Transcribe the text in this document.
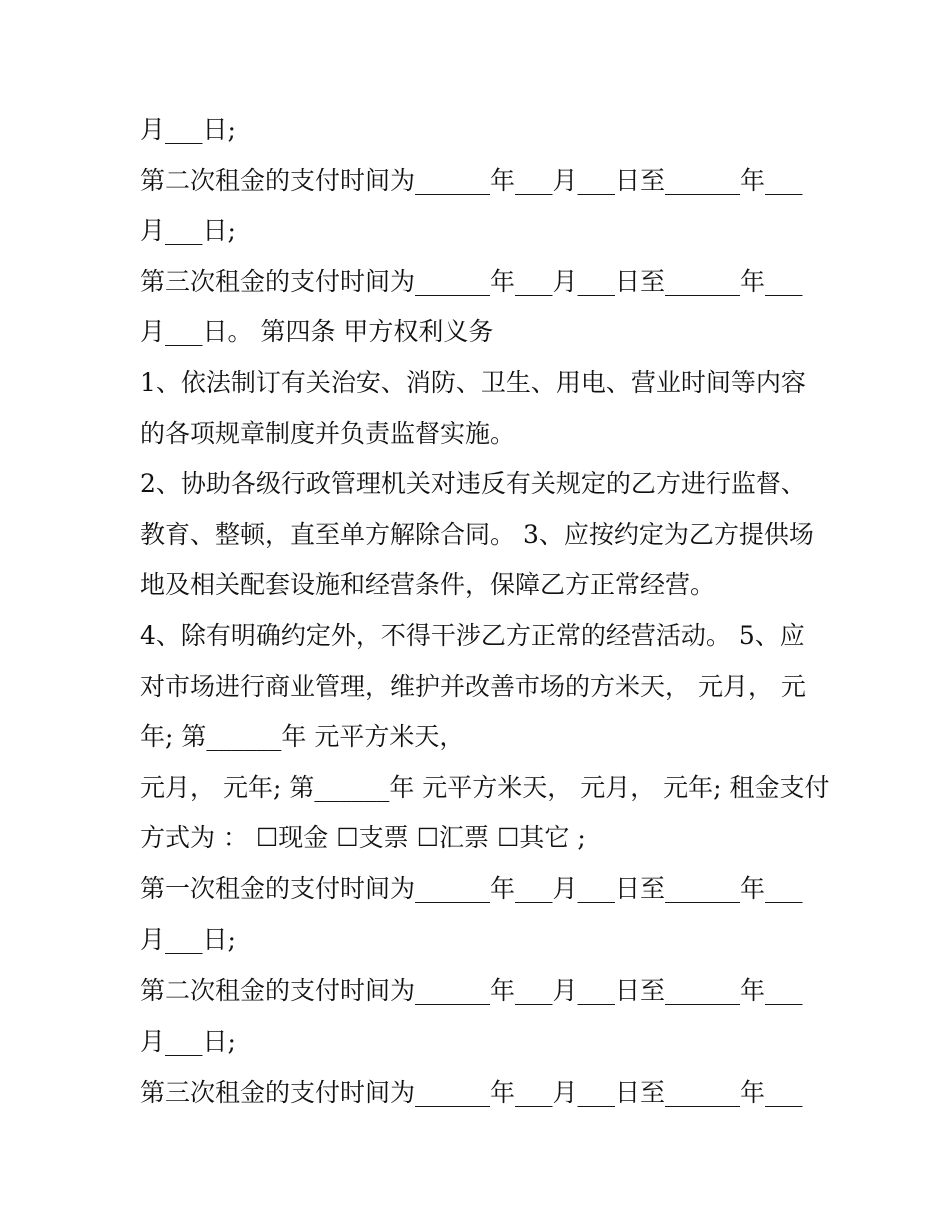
月___日;
第二次租金的支付时间为______年___月___日至______年___
月___日;
第三次租金的支付时间为______年___月___日至______年___
月___日。 第四条 甲方权利义务
1、依法制订有关治安、消防、卫生、用电、营业时间等内容
的各项规章制度并负责监督实施。
2、协助各级行政管理机关对违反有关规定的乙方进行监督、
教育、整顿，直至单方解除合同。 3、应按约定为乙方提供场
地及相关配套设施和经营条件，保障乙方正常经营。
4、除有明确约定外，不得干涉乙方正常的经营活动。 5、应
对市场进行商业管理，维护并改善市场的方米天， 元月， 元
年; 第______年 元平方米天，
元月， 元年; 第______年 元平方米天， 元月， 元年; 租金支付
方式为 ： ☐现金 ☐支票 ☐汇票 ☐其它 ;
第一次租金的支付时间为______年___月___日至______年___
月___日;
第二次租金的支付时间为______年___月___日至______年___
月___日;
第三次租金的支付时间为______年___月___日至______年___
